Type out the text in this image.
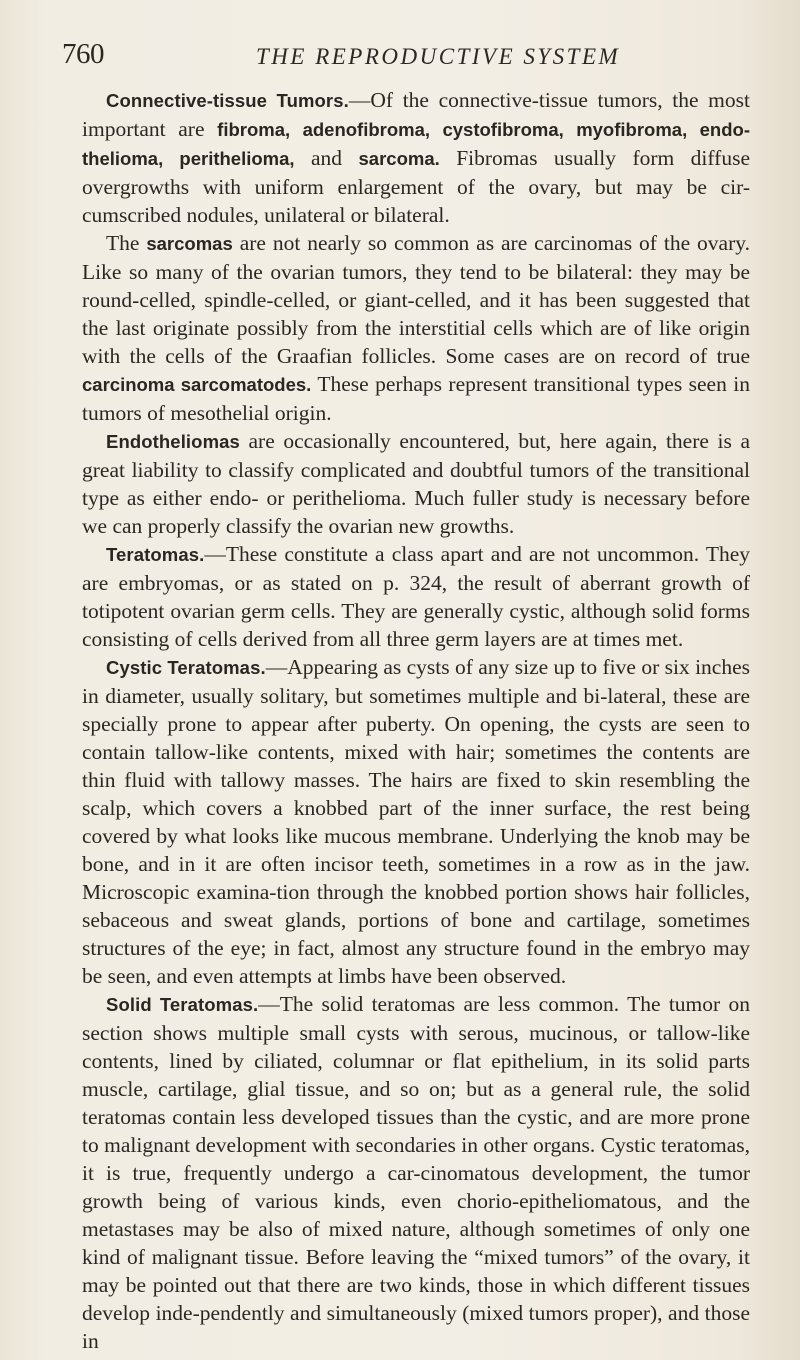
760	THE REPRODUCTIVE SYSTEM

Connective-tissue Tumors.—Of the connective-tissue tumors, the most important are fibroma, adenofibroma, cystofibroma, myofibroma, endo-thelioma, perithelioma, and sarcoma. Fibromas usually form diffuse overgrowths with uniform enlargement of the ovary, but may be cir-cumscribed nodules, unilateral or bilateral.

The sarcomas are not nearly so common as are carcinomas of the ovary. Like so many of the ovarian tumors, they tend to be bilateral: they may be round-celled, spindle-celled, or giant-celled, and it has been suggested that the last originate possibly from the interstitial cells which are of like origin with the cells of the Graafian follicles. Some cases are on record of true carcinoma sarcomatodes. These perhaps represent transitional types seen in tumors of mesothelial origin.

Endotheliomas are occasionally encountered, but, here again, there is a great liability to classify complicated and doubtful tumors of the transitional type as either endo- or perithelioma. Much fuller study is necessary before we can properly classify the ovarian new growths.

Teratomas.—These constitute a class apart and are not uncommon. They are embryomas, or as stated on p. 324, the result of aberrant growth of totipotent ovarian germ cells. They are generally cystic, although solid forms consisting of cells derived from all three germ layers are at times met.

Cystic Teratomas.—Appearing as cysts of any size up to five or six inches in diameter, usually solitary, but sometimes multiple and bi-lateral, these are specially prone to appear after puberty. On opening, the cysts are seen to contain tallow-like contents, mixed with hair; sometimes the contents are thin fluid with tallowy masses. The hairs are fixed to skin resembling the scalp, which covers a knobbed part of the inner surface, the rest being covered by what looks like mucous membrane. Underlying the knob may be bone, and in it are often incisor teeth, sometimes in a row as in the jaw. Microscopic examina-tion through the knobbed portion shows hair follicles, sebaceous and sweat glands, portions of bone and cartilage, sometimes structures of the eye; in fact, almost any structure found in the embryo may be seen, and even attempts at limbs have been observed.

Solid Teratomas.—The solid teratomas are less common. The tumor on section shows multiple small cysts with serous, mucinous, or tallow-like contents, lined by ciliated, columnar or flat epithelium, in its solid parts muscle, cartilage, glial tissue, and so on; but as a general rule, the solid teratomas contain less developed tissues than the cystic, and are more prone to malignant development with secondaries in other organs. Cystic teratomas, it is true, frequently undergo a car-cinomatous development, the tumor growth being of various kinds, even chorio-epitheliomatous, and the metastases may be also of mixed nature, although sometimes of only one kind of malignant tissue. Before leaving the “mixed tumors” of the ovary, it may be pointed out that there are two kinds, those in which different tissues develop inde-pendently and simultaneously (mixed tumors proper), and those in
